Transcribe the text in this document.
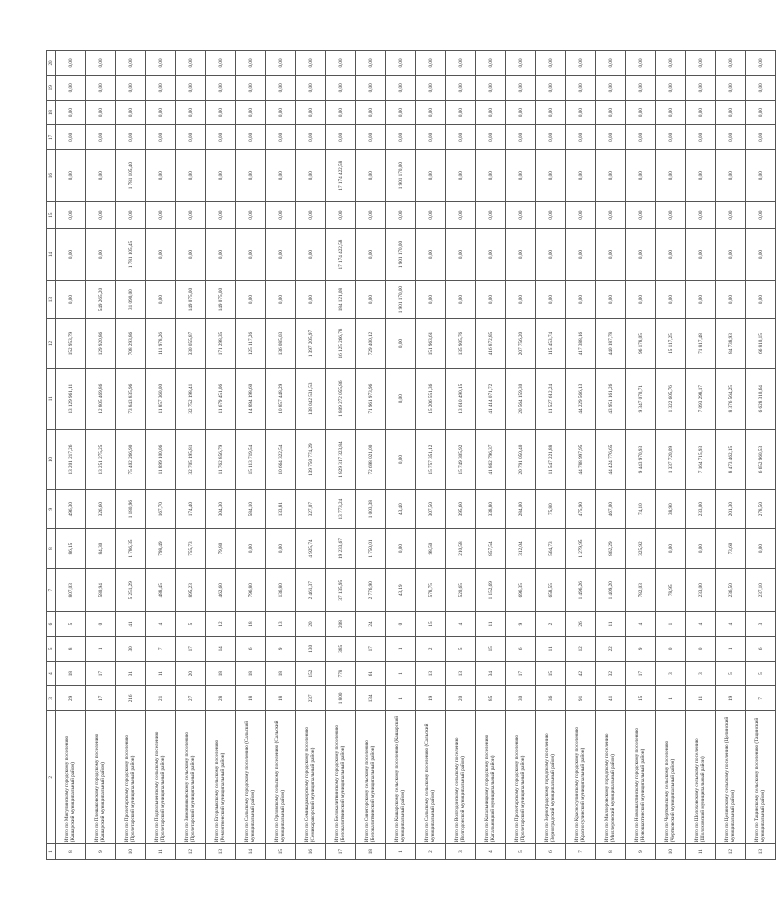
1	2	3	4	5	6	7	8	9	10	11	12	13	14	15	16	17	18	19	20
8	Итого по Мигулинскому городскому поселению (Кашарский муниципальный район)	29	18	8	5	807,03	86,15	496,30	13 201 217,26	13 129 961,11	152 953,79	0,00	0,00	0,00	0,00	0,00	0,00	0,00	0,00
9	Итого по Плешаковскому городскому поселению (Кашарский муниципальный район)	17	17	1	0	580,94	84,30	326,60	13 251 275,25	12 805 469,86	129 920,86	549 265,20	0,00	0,00	0,00	0,00	0,00	0,00	0,00
10	Итого по Пролетарскому городскому поселению (Пролетарский муниципальный район)	216	31	30	41	5 251,29	1 786,35	1 180,96	75 402 266,90	73 843 835,96	708 293,86	31 090,00	1 781 105,45	0,00	1 781 105,40	0,00	0,00	0,00	0,00
11	Итого по Подпольненскому сельскому поселению (Пролетарский муниципальный район)	21	11	7	4	488,45	798,49	167,70	11 899 100,06	11 857 360,00	111 978,26	0,00	0,00	0,00	0,00	0,00	0,00	0,00	0,00
12	Итого по Зимовниковскому сельскому поселению (Пролетарский муниципальный район)	27	20	17	5	895,23	755,73	174,40	32 705 195,81	32 752 198,41	330 055,87	149 075,00	0,00	0,00	0,00	0,00	0,00	0,00	0,00
13	Итого по Егорлыкскому сельскому поселению (Ремонтненский муниципальный район)	28	18	14	12	462,60	79,80	304,30	11 762 856,79	11 679 451,06	171 298,35	149 075,00	0,00	0,00	0,00	0,00	0,00	0,00	0,00
14	Итого по Сальскому городскому поселению (Сальский муниципальный район)	18	18	6	18	796,80	0,00	584,10	15 113 719,54	14 894 198,60	125 117,26	0,00	0,00	0,00	0,00	0,00	0,00	0,00	0,00
15	Итого по Орловскому сельскому поселению (Сальский муниципальный район)	18	18	9	13	136,80	0,00	133,81	10 664 322,54	10 857 448,29	136 085,03	0,00	0,00	0,00	0,00	0,00	0,00	0,00	0,00
16	Итого по Семикаракорскому городскому поселению (Семикаракорский муниципальный район)	237	152	130	20	2 461,37	4 925,74	327,07	139 750 774,29	138 042 531,53	1 397 205,97	0,00	0,00	0,00	0,00	0,00	0,00	0,00	0,00
17	Итого по Белокалитвинскому городскому поселению (Белокалитвинский муниципальный район)	1 800	778	385	208	37 135,95	19 233,67	13 773,24	1 829 317 323,84	1 809 272 055,86	16 125 266,78	184 121,08	17 174 422,58	0,00	17 174 422,58	0,00	0,00	0,00	0,00
18	Итого по Синегорскому сельскому поселению (Белокалитвинский муниципальный район)	134	61	17	24	2 776,90	1 750,01	1 003,38	72 698 021,00	71 961 973,96	729 400,12	0,00	0,00	0,00	0,00	0,00	0,00	0,00	0,00
1	Итого по Кашарскому сельскому поселению (Кашарский муниципальный район)	1	1	1	0	43,19	0,00	43,40	0,00	0,00	0,00	1 901 170,00	1 901 170,00	0,00	1 901 170,00	0,00	0,00	0,00	0,00
2	Итого по Сальскому сельскому поселению (Сальский муниципальный район)	19	13	2	15	578,75	98,50	307,50	15 757 351,12	15 206 551,36	151 963,61	0,00	0,00	0,00	0,00	0,00	0,00	0,00	0,00
3	Итого по Волгодонскому сельскому поселению (Волгодонской муниципальный район)	20	13	5	4	520,65	210,58	395,60	15 749 305,92	13 610 490,15	135 905,76	0,00	0,00	0,00	0,00	0,00	0,00	0,00	0,00
4	Итого по Кагальницкому городскому поселению (Кагальницкий муниципальный район)	85	34	15	11	1 152,69	857,54	338,80	41 862 796,37	41 414 071,72	416 872,85	0,00	0,00	0,00	0,00	0,00	0,00	0,00	0,00
5	Итого по Пролетарскому городскому поселению (Пролетарский муниципальный район)	30	17	6	9	696,35	312,04	284,00	20 791 050,40	20 564 159,30	207 756,20	0,00	0,00	0,00	0,00	0,00	0,00	0,00	0,00
6	Итого по Зерноградскому городскому поселению (Зерноградский муниципальный район)	36	15	11	2	658,55	564,73	75,80	11 547 221,88	11 527 612,24	115 453,74	0,00	0,00	0,00	0,00	0,00	0,00	0,00	0,00
7	Итого по Красносулинскому городскому поселению (Красносулинский муниципальный район)	91	42	12	26	1 496,26	1 279,95	475,90	44 788 997,95	44 229 566,13	417 388,16	0,00	0,00	0,00	0,00	0,00	0,00	0,00	0,00
8	Итого по Миллеровскому городскому поселению (Миллеровский муниципальный район)	41	32	22	11	1 409,20	862,29	467,00	44 424 776,65	43 951 161,26	440 187,78	0,00	0,00	0,00	0,00	0,00	0,00	0,00	0,00
9	Итого по Новошахтинскому городскому поселению (Новошахтинский муниципальный район)	15	17	9	4	782,03	325,92	74,10	9 443 970,93	9 347 070,71	96 178,05	0,00	0,00	0,00	0,00	0,00	0,00	0,00	0,00
10	Итого по Чертковскому сельскому поселению (Чертковский муниципальный район)	1	3	0	1	78,95	0,00	38,90	1 337 720,09	1 322 605,76	15 117,25	0,00	0,00	0,00	0,00	0,00	0,00	0,00	0,00
11	Итого по Шолоховскому сельскому поселению (Шолоховский муниципальный район)	11	3	0	4	233,00	0,00	233,00	7 164 715,93	7 093 298,17	71 817,48	0,00	0,00	0,00	0,00	0,00	0,00	0,00	0,00
12	Итого по Целинскому сельскому поселению (Целинский муниципальный район)	19	5	1	4	236,50	73,60	201,30	8 473 462,15	8 376 564,25	84 738,93	0,00	0,00	0,00	0,00	0,00	0,00	0,00	0,00
13	Итого по Тацинскому сельскому поселению (Тацинский муниципальный район)	7	5	6	3	237,10	0,00	278,50	6 652 960,53	6 628 310,64	66 810,15	0,00	0,00	0,00	0,00	0,00	0,00	0,00	0,00
